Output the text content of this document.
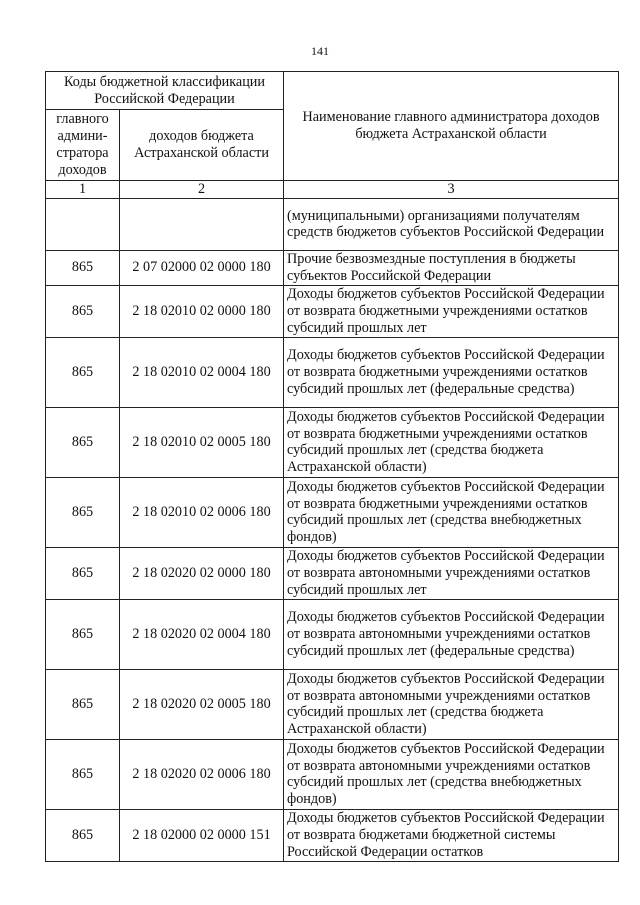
141
Коды бюджетной классификации Российской Федерации		Наименование главного администратора доходов бюджета Астраханской области
главного админи-стратора доходов	доходов бюджета Астраханской области	
1	2	3
		(муниципальными) организациями получателям средств бюджетов субъектов Российской Федерации
865	2 07 02000 02 0000 180	Прочие безвозмездные поступления в бюджеты субъектов Российской Федерации
865	2 18 02010 02 0000 180	Доходы бюджетов субъектов Российской Федерации от возврата бюджетными учреждениями остатков субсидий прошлых лет
865	2 18 02010 02 0004 180	Доходы бюджетов субъектов Российской Федерации от возврата бюджетными учреждениями остатков субсидий прошлых лет (федеральные средства)
865	2 18 02010 02 0005 180	Доходы бюджетов субъектов Российской Федерации от возврата бюджетными учреждениями остатков субсидий прошлых лет (средства бюджета Астраханской области)
865	2 18 02010 02 0006 180	Доходы бюджетов субъектов Российской Федерации от возврата бюджетными учреждениями остатков субсидий прошлых лет (средства внебюджетных фондов)
865	2 18 02020 02 0000 180	Доходы бюджетов субъектов Российской Федерации от возврата автономными учреждениями остатков субсидий прошлых лет
865	2 18 02020 02 0004 180	Доходы бюджетов субъектов Российской Федерации от возврата автономными учреждениями остатков субсидий прошлых лет (федеральные средства)
865	2 18 02020 02 0005 180	Доходы бюджетов субъектов Российской Федерации от возврата автономными учреждениями остатков субсидий прошлых лет (средства бюджета Астраханской области)
865	2 18 02020 02 0006 180	Доходы бюджетов субъектов Российской Федерации от возврата автономными учреждениями остатков субсидий прошлых лет (средства внебюджетных фондов)
865	2 18 02000 02 0000 151	Доходы бюджетов субъектов Российской Федерации от возврата бюджетами бюджетной системы Российской Федерации остатков
